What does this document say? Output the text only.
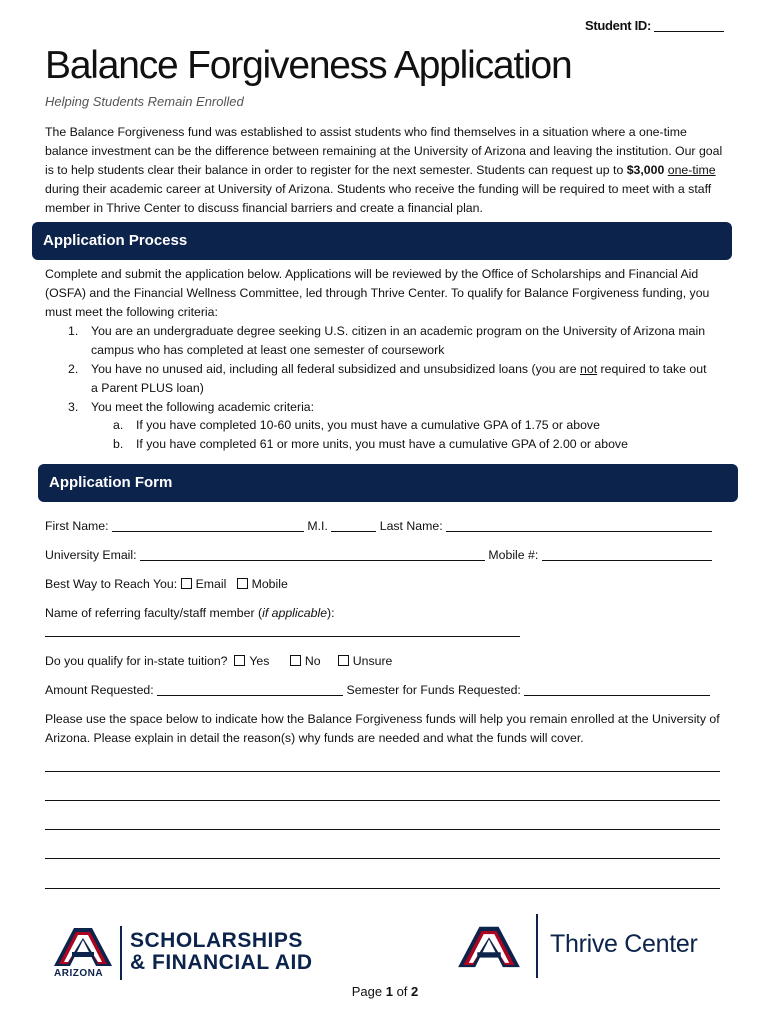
Student ID:
Balance Forgiveness Application
Helping Students Remain Enrolled
The Balance Forgiveness fund was established to assist students who find themselves in a situation where a one-time balance investment can be the difference between remaining at the University of Arizona and leaving the institution. Our goal is to help students clear their balance in order to register for the next semester. Students can request up to $3,000 one-time during their academic career at University of Arizona. Students who receive the funding will be required to meet with a staff member in Thrive Center to discuss financial barriers and create a financial plan.
Application Process
Complete and submit the application below. Applications will be reviewed by the Office of Scholarships and Financial Aid (OSFA) and the Financial Wellness Committee, led through Thrive Center. To qualify for Balance Forgiveness funding, you must meet the following criteria:
1. You are an undergraduate degree seeking U.S. citizen in an academic program on the University of Arizona main campus who has completed at least one semester of coursework
2. You have no unused aid, including all federal subsidized and unsubsidized loans (you are not required to take out a Parent PLUS loan)
3. You meet the following academic criteria:
a. If you have completed 10-60 units, you must have a cumulative GPA of 1.75 or above
b. If you have completed 61 or more units, you must have a cumulative GPA of 2.00 or above
Application Form
First Name:	M.I.	Last Name:
University Email:	Mobile #:
Best Way to Reach You: Email Mobile
Name of referring faculty/staff member (if applicable):
Do you qualify for in-state tuition? Yes	No	Unsure
Amount Requested:	Semester for Funds Requested:
Please use the space below to indicate how the Balance Forgiveness funds will help you remain enrolled at the University of Arizona. Please explain in detail the reason(s) why funds are needed and what the funds will cover.
ARIZONA
SCHOLARSHIPS
& FINANCIAL AID
Thrive Center
Page 1 of 2
